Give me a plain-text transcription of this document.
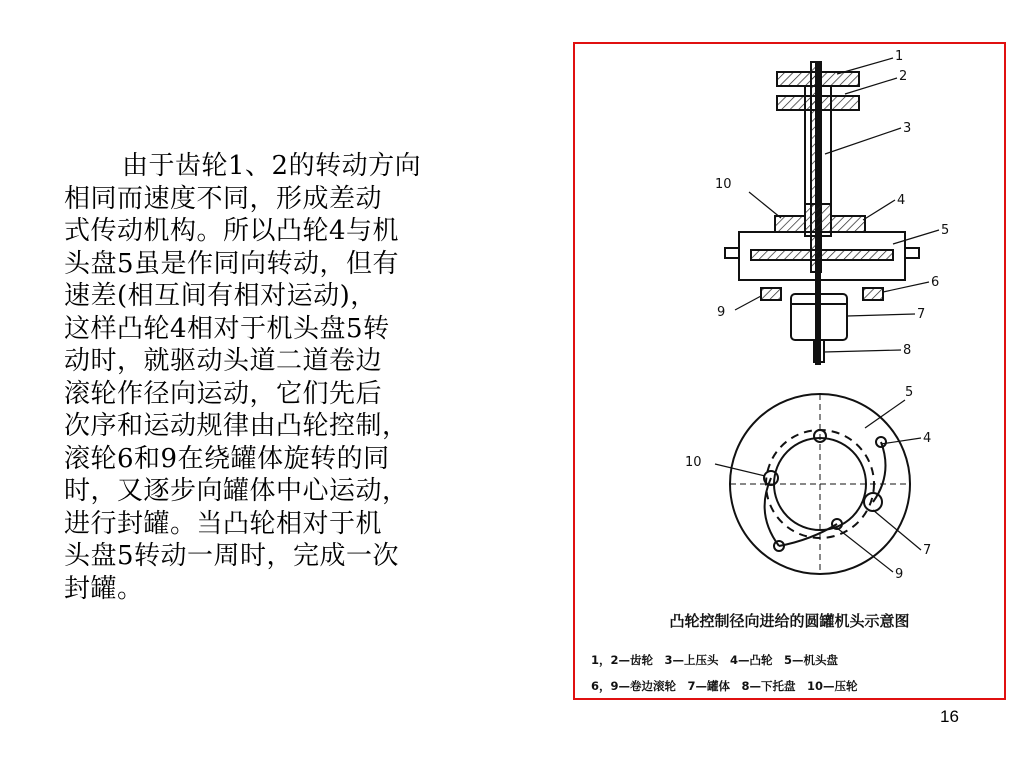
由于齿轮1、2的转动方向
相同而速度不同，形成差动
式传动机构。所以凸轮4与机
头盘5虽是作同向转动，但有
速差(相互间有相对运动)，
这样凸轮4相对于机头盘5转
动时，就驱动头道二道卷边
滚轮作径向运动，它们先后
次序和运动规律由凸轮控制，
滚轮6和9在绕罐体旋转的同
时，又逐步向罐体中心运动，
进行封罐。当凸轮相对于机
头盘5转动一周时，完成一次
封罐。
1
2
3
10
4
5
6
9	7
8
5
4
10
7
9
凸轮控制径向进给的圆罐机头示意图
1，2—齿轮　3—上压头　4—凸轮　5—机头盘
6，9—卷边滚轮　7—罐体　8—下托盘　10—压轮
16
